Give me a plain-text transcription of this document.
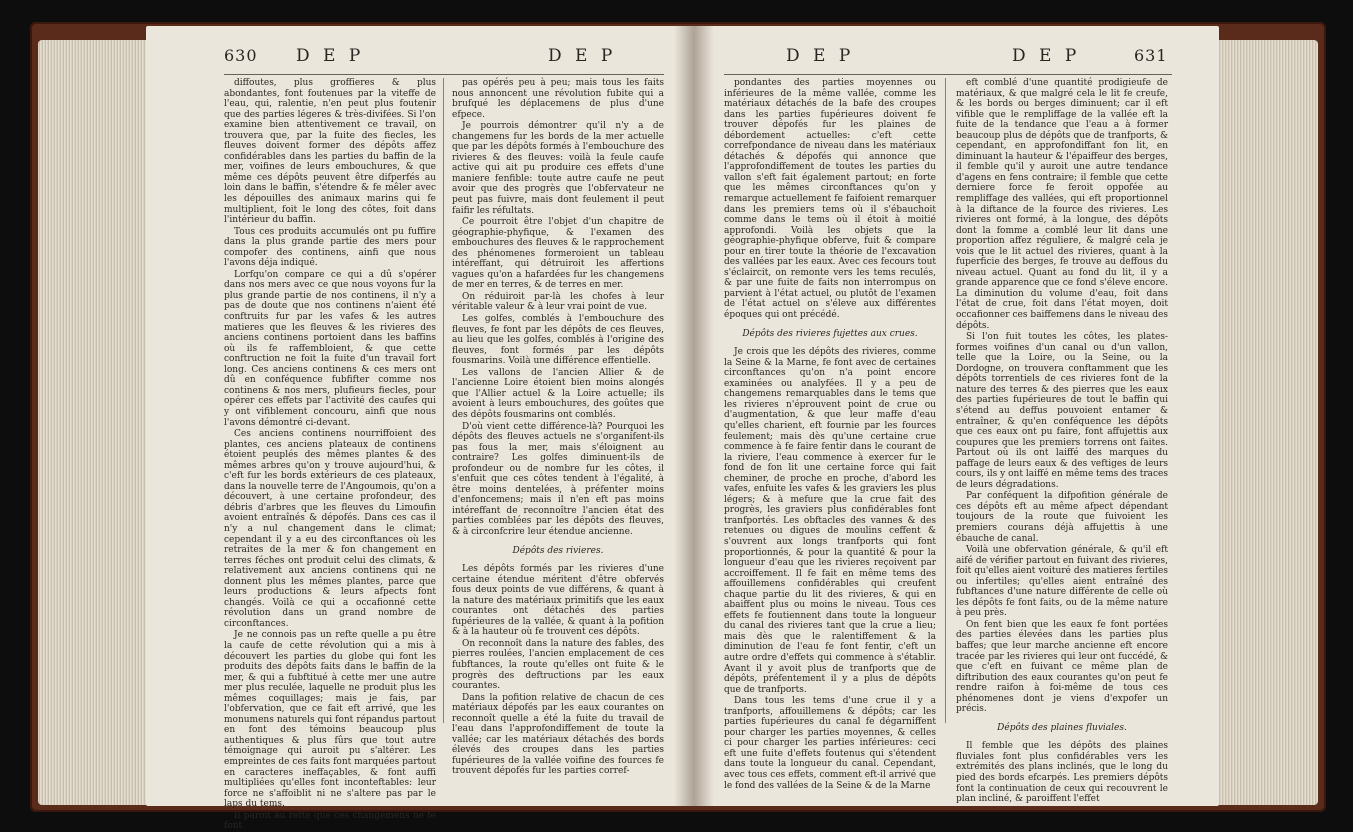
630 D E P	D E P

diffoutes, plus groffieres & plus abondantes, font foutenues par la viteffe de l'eau, qui, ralentie, n'en peut plus foutenir que des parties légeres & très-divifées. Si l'on examine bien attentivement ce travail, on trouvera que, par la fuite des fiecles, les fleuves doivent former des dépôts affez confidérables dans les parties du baffin de la mer, voifines de leurs embouchures, & que même ces dépôts peuvent être difperfés au loin dans le baffin, s'étendre & fe mêler avec les dépouilles des animaux marins qui fe multiplient, foit le long des côtes, foit dans l'intérieur du baffin.

Tous ces produits accumulés ont pu fuffire dans la plus grande partie des mers pour compofer des continens, ainfi que nous l'avons déja indiqué.

Lorfqu'on compare ce qui a dû s'opérer dans nos mers avec ce que nous voyons fur la plus grande partie de nos continens, il n'y a pas de doute que nos continens n'aient été conftruits fur par les vafes & les autres matieres que les fleuves & les rivieres des anciens continens portoient dans les baffins où ils fe raffembloient, & que cette conftruction ne foit la fuite d'un travail fort long. Ces anciens continens & ces mers ont dû en conféquence fubfifter comme nos continens & nos mers, plufieurs fiecles, pour opérer ces effets par l'activité des caufes qui y ont vifiblement concouru, ainfi que nous l'avons démontré ci-devant.

Ces anciens continens nourriffoient des plantes, ces anciens plateaux de continens étoient peuplés des mêmes plantes & des mêmes arbres qu'on y trouve aujourd'hui, & c'eft fur les bords extérieurs de ces plateaux, dans la nouvelle terre de l'Angoumois, qu'on a découvert, à une certaine profondeur, des débris d'arbres que les fleuves du Limoufin avoient entraînés & dépofés. Dans ces cas il n'y a nul changement dans le climat; cependant il y a eu des circonftances où les retraites de la mer & fon changement en terres féches ont produit celui des climats, & relativement aux anciens continens qui ne donnent plus les mêmes plantes, parce que leurs productions & leurs afpects font changés. Voilà ce qui a occafionné cette révolution dans un grand nombre de circonftances.

Je ne connois pas un refte quelle a pu être la caufe de cette révolution qui a mis à découvert les parties du globe qui font les produits des dépôts faits dans le baffin de la mer, & qui a fubftitué à cette mer une autre mer plus reculée, laquelle ne produit plus les mêmes coquillages; mais je fais, par l'obfervation, que ce fait eft arrivé, que les monumens naturels qui font répandus partout en font des témoins beaucoup plus authentiques & plus fûrs que tout autre témoignage qui auroit pu s'altérer. Les empreintes de ces faits font marquées partout en caracteres ineffaçables, & font auffi multipliées qu'elles font inconteftables: leur force ne s'affoiblit ni ne s'altere pas par le laps du tems.

Il paroît au refte que ces changemens ne fe font

pas opérés peu à peu; mais tous les faits nous annoncent une révolution fubite qui a brufqué les déplacemens de plus d'une efpece.

Je pourrois démontrer qu'il n'y a de changemens fur les bords de la mer actuelle que par les dépôts formés à l'embouchure des rivieres & des fleuves: voilà la feule caufe active qui ait pu produire ces effets d'une maniere fenfible: toute autre caufe ne peut avoir que des progrès que l'obfervateur ne peut pas fuivre, mais dont feulement il peut faifir les réfultats.

Ce pourroit être l'objet d'un chapitre de géographie-phyfique, & l'examen des embouchures des fleuves & le rapprochement des phénomenes formeroient un tableau intéreffant, qui détruiroit les affertions vagues qu'on a hafardées fur les changemens de mer en terres, & de terres en mer.

On réduiroit par-là les chofes à leur véritable valeur & à leur vrai point de vue.

Les golfes, comblés à l'embouchure des fleuves, fe font par les dépôts de ces fleuves, au lieu que les golfes, comblés à l'origine des fleuves, font formés par les dépôts fousmarins. Voilà une différence effentielle.

Les vallons de l'ancien Allier & de l'ancienne Loire étoient bien moins alongés que l'Allier actuel & la Loire actuelle; ils avoient à leurs embouchures, des goûtes que des dépôts fousmarins ont comblés.

D'où vient cette différence-là? Pourquoi les dépôts des fleuves actuels ne s'organifent-ils pas fous la mer, mais s'éloignent au contraire? Les golfes diminuent-ils de profondeur ou de nombre fur les côtes, il s'enfuit que ces côtes tendent à l'égalité, à être moins dentelées, à préfenter moins d'enfoncemens; mais il n'en eft pas moins intéreffant de reconnoître l'ancien état des parties comblées par les dépôts des fleuves, & à circonfcrire leur étendue ancienne.

Dépôts des rivieres.

Les dépôts formés par les rivieres d'une certaine étendue méritent d'être obfervés fous deux points de vue différens, & quant à la nature des matériaux primitifs que les eaux courantes ont détachés des parties fupérieures de la vallée, & quant à la pofition & à la hauteur où fe trouvent ces dépôts.

On reconnoît dans la nature des fables, des pierres roulées, l'ancien emplacement de ces fubftances, la route qu'elles ont fuite & le progrès des deftructions par les eaux courantes.

Dans la pofition relative de chacun de ces matériaux dépofés par les eaux courantes on reconnoît quelle a été la fuite du travail de l'eau dans l'approfondiffement de toute la vallée; car les matériaux détachés des bords élevés des croupes dans les parties fupérieures de la vallée voifine des fources fe trouvent dépofés fur les parties corref-

D E P	D E P	631

pondantes des parties moyennes ou inférieures de la même vallée, comme les matériaux détachés de la bafe des croupes dans les parties fupérieures doivent fe trouver dépofés fur les plaines de débordement actuelles: c'eft cette correfpondance de niveau dans les matériaux détachés & dépofés qui annonce que l'approfondiffement de toutes les parties du vallon s'eft fait également partout; en forte que les mêmes circonftances qu'on y remarque actuellement fe faifoient remarquer dans les premiers tems où il s'ébauchoit comme dans le tems où il étoit à moitié approfondi. Voilà les objets que la géographie-phyfique obferve, fuit & compare pour en tirer toute la théorie de l'excavation des vallées par les eaux. Avec ces fecours tout s'éclaircit, on remonte vers les tems reculés, & par une fuite de faits non interrompus on parvient à l'état actuel, ou plutôt de l'examen de l'état actuel on s'éleve aux différentes époques qui ont précédé.

Dépôts des rivieres fujettes aux crues.

Je crois que les dépôts des rivieres, comme la Seine & la Marne, fe font avec de certaines circonftances qu'on n'a point encore examinées ou analyfées. Il y a peu de changemens remarquables dans le tems que les rivieres n'éprouvent point de crue ou d'augmentation, & que leur maffe d'eau qu'elles charient, eft fournie par les fources feulement; mais dès qu'une certaine crue commence à fe faire fentir dans le courant de la riviere, l'eau commence à exercer fur le fond de fon lit une certaine force qui fait cheminer, de proche en proche, d'abord les vafes, enfuite les vafes & les graviers les plus légers; & à mefure que la crue fait des progrès, les graviers plus confidérables font tranfportés. Les obftacles des vannes & des retenues ou digues de moulins ceffent & s'ouvrent aux longs tranfports qui font proportionnés, & pour la quantité & pour la longueur d'eau que les rivieres reçoivent par accroiffement. Il fe fait en même tems des affouillemens confidérables qui creufent chaque partie du lit des rivieres, & qui en abaiffent plus ou moins le niveau. Tous ces effets fe foutiennent dans toute la longueur du canal des rivieres tant que la crue a lieu; mais dès que le ralentiffement & la diminution de l'eau fe font fentir, c'eft un autre ordre d'effets qui commence à s'établir. Avant il y avoit plus de tranfports que de dépôts, préfentement il y a plus de dépôts que de tranfports.

Dans tous les tems d'une crue il y a tranfports, affouillemens & dépôts; car les parties fupérieures du canal fe dégarniffent pour charger les parties moyennes, & celles ci pour charger les parties inférieures: ceci eft une fuite d'effets foutenus qui s'étendent dans toute la longueur du canal. Cependant, avec tous ces effets, comment eft-il arrivé que le fond des vallées de la Seine & de la Marne

eft comblé d'une quantité prodigieufe de matériaux, & que malgré cela le lit fe creufe, & les bords ou berges diminuent; car il eft vifible que le rempliffage de la vallée eft la fuite de la tendance que l'eau a à former beaucoup plus de dépôts que de tranfports, & cependant, en approfondiffant fon lit, en diminuant la hauteur & l'épaiffeur des berges, il femble qu'il y auroit une autre tendance d'agens en fens contraire; il femble que cette derniere force fe feroit oppofée au rempliffage des vallées, qui eft proportionnel à la diftance de la fource des rivieres. Les rivieres ont formé, à la longue, des dépôts dont la fomme a comblé leur lit dans une proportion affez réguliere, & malgré cela je vois que le lit actuel des rivieres, quant à la fuperficie des berges, fe trouve au deffous du niveau actuel. Quant au fond du lit, il y a grande apparence que ce fond s'éleve encore. La diminution du volume d'eau, foit dans l'état de crue, foit dans l'état moyen, doit occafionner ces baiffemens dans le niveau des dépôts.

Si l'on fuit toutes les côtes, les plates-formes voifines d'un canal ou d'un vallon, telle que la Loire, ou la Seine, ou la Dordogne, on trouvera conftamment que les dépôts torrentiels de ces rivieres font de la nature des terres & des pierres que les eaux des parties fupérieures de tout le baffin qui s'étend au deffus pouvoient entamer & entraîner, & qu'en conféquence les dépôts que ces eaux ont pu faire, font affujettis aux coupures que les premiers torrens ont faites. Partout où ils ont laiffé des marques du paffage de leurs eaux & des veftiges de leurs cours, ils y ont laiffé en même tems des traces de leurs dégradations.

Par conféquent la difpofition générale de ces dépôts eft au même afpect dépendant toujours de la route que fuivoient les premiers courans déjà affujettis à une ébauche de canal.

Voilà une obfervation générale, & qu'il eft aifé de vérifier partout en fuivant des rivieres, foit qu'elles aient voituré des matieres fertiles ou infertiles; qu'elles aient entraîné des fubftances d'une nature différente de celle où les dépôts fe font faits, ou de la même nature à peu près.

On fent bien que les eaux fe font portées des parties élevées dans les parties plus baffes; que leur marche ancienne eft encore tracée par les rivieres qui leur ont fuccédé, & que c'eft en fuivant ce même plan de diftribution des eaux courantes qu'on peut fe rendre raifon à foi-même de tous ces phénomenes dont je viens d'expofer un précis.

Dépôts des plaines fluviales.

Il femble que les dépôts des plaines fluviales font plus confidérables vers les extrémités des plans inclinés, que le long du pied des bords efcarpés. Les premiers dépôts font la continuation de ceux qui recouvrent le plan incliné, & paroiffent l'effet
